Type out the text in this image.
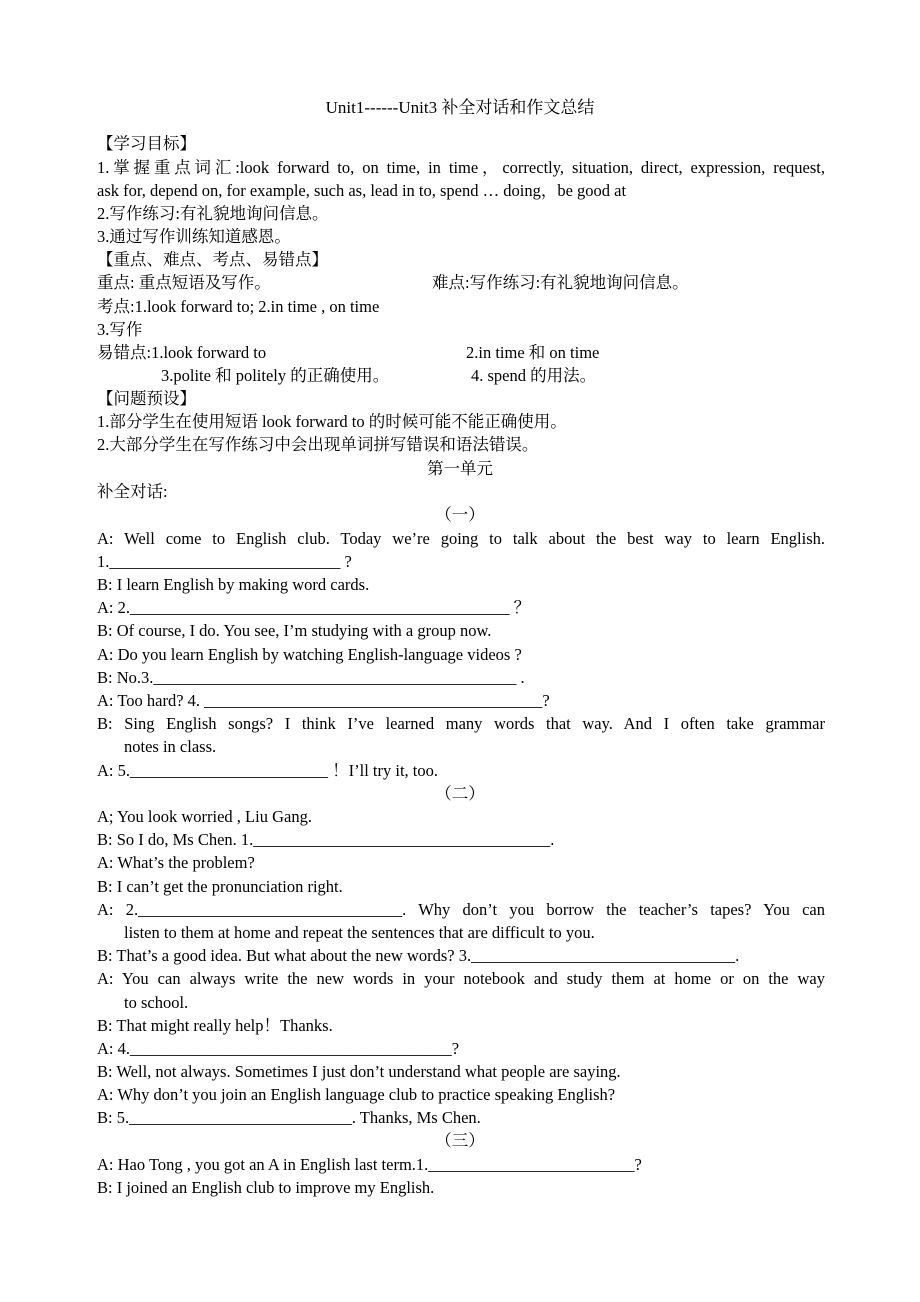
Unit1------Unit3 补全对话和作文总结
【学习目标】
1.掌握重点词汇:look forward to, on time, in time，correctly, situation, direct, expression, request,
ask for, depend on, for example, such as, lead in to, spend … doing，be good at
2.写作练习:有礼貌地询问信息。
3.通过写作训练知道感恩。
【重点、难点、考点、易错点】
重点: 重点短语及写作。	难点:写作练习:有礼貌地询问信息。
考点:1.look forward to; 2.in time , on time
3.写作
易错点:1.look forward to	2.in time 和 on time
3.polite 和 politely 的正确使用。	4. spend 的用法。
【问题预设】
1.部分学生在使用短语 look forward to 的时候可能不能正确使用。
2.大部分学生在写作练习中会出现单词拼写错误和语法错误。
第一单元
补全对话:
（一）
A: Well come to English club. Today we’re going to talk about the best way to learn English.
1.____________________________ ?
B: I learn English by making word cards.
A: 2.______________________________________________ ？
B: Of course, I do. You see, I’m studying with a group now.
A: Do you learn English by watching English-language videos ?
B: No.3.____________________________________________ .
A: Too hard? 4. _________________________________________?
B: Sing English songs? I think I’ve learned many words that way. And I often take grammar
notes in class.
A: 5.________________________ ！I’ll try it, too.
（二）
A; You look worried , Liu Gang.
B: So I do, Ms Chen. 1.____________________________________.
A: What’s the problem?
B: I can’t get the pronunciation right.
A: 2.________________________________. Why don’t you borrow the teacher’s tapes? You can
listen to them at home and repeat the sentences that are difficult to you.
B: That’s a good idea. But what about the new words? 3.________________________________.
A: You can always write the new words in your notebook and study them at home or on the way
to school.
B: That might really help！Thanks.
A: 4._______________________________________?
B: Well, not always. Sometimes I just don’t understand what people are saying.
A: Why don’t you join an English language club to practice speaking English?
B: 5.___________________________. Thanks, Ms Chen.
（三）
A: Hao Tong , you got an A in English last term.1._________________________?
B: I joined an English club to improve my English.
